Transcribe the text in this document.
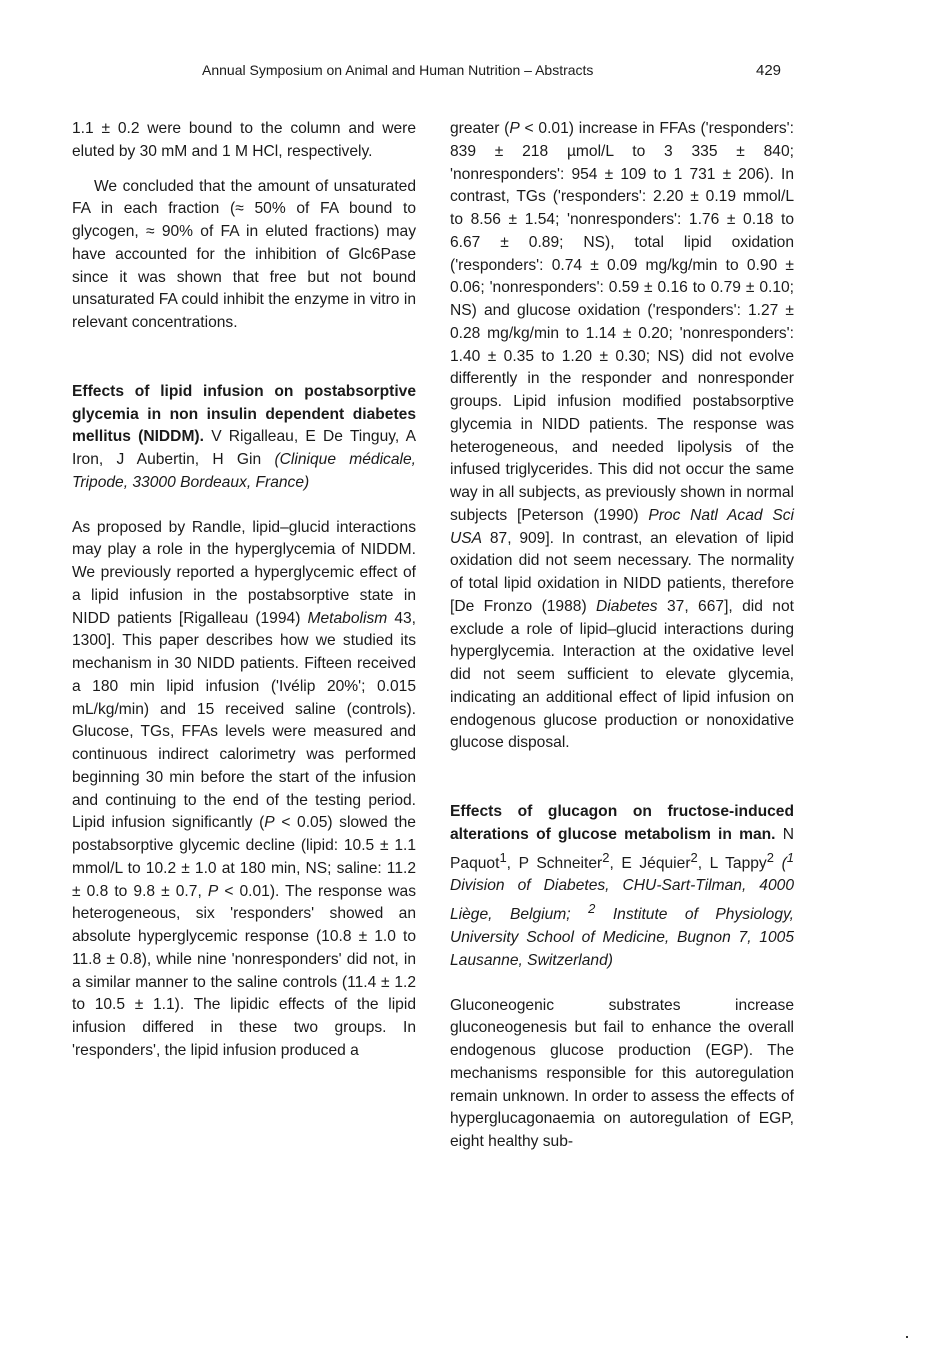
Annual Symposium on Animal and Human Nutrition – Abstracts	429

1.1 ± 0.2 were bound to the column and were eluted by 30 mM and 1 M HCl, respectively.

We concluded that the amount of unsaturated FA in each fraction (≈ 50% of FA bound to glycogen, ≈ 90% of FA in eluted fractions) may have accounted for the inhibition of Glc6Pase since it was shown that free but not bound unsaturated FA could inhibit the enzyme in vitro in relevant concentrations.

Effects of lipid infusion on postabsorptive glycemia in non insulin dependent diabetes mellitus (NIDDM). V Rigalleau, E De Tinguy, A Iron, J Aubertin, H Gin (Clinique médicale, Tripode, 33000 Bordeaux, France)

As proposed by Randle, lipid–glucid interactions may play a role in the hyperglycemia of NIDDM. We previously reported a hyperglycemic effect of a lipid infusion in the postabsorptive state in NIDD patients [Rigalleau (1994) Metabolism 43, 1300]. This paper describes how we studied its mechanism in 30 NIDD patients. Fifteen received a 180 min lipid infusion ('Ivélip 20%'; 0.015 mL/kg/min) and 15 received saline (controls). Glucose, TGs, FFAs levels were measured and continuous indirect calorimetry was performed beginning 30 min before the start of the infusion and continuing to the end of the testing period. Lipid infusion significantly (P < 0.05) slowed the postabsorptive glycemic decline (lipid: 10.5 ± 1.1 mmol/L to 10.2 ± 1.0 at 180 min, NS; saline: 11.2 ± 0.8 to 9.8 ± 0.7, P < 0.01). The response was heterogeneous, six 'responders' showed an absolute hyperglycemic response (10.8 ± 1.0 to 11.8 ± 0.8), while nine 'nonresponders' did not, in a similar manner to the saline controls (11.4 ± 1.2 to 10.5 ± 1.1). The lipidic effects of the lipid infusion differed in these two groups. In 'responders', the lipid infusion produced a

greater (P < 0.01) increase in FFAs ('responders': 839 ± 218 µmol/L to 3 335 ± 840; 'nonresponders': 954 ± 109 to 1 731 ± 206). In contrast, TGs ('responders': 2.20 ± 0.19 mmol/L to 8.56 ± 1.54; 'nonresponders': 1.76 ± 0.18 to 6.67 ± 0.89; NS), total lipid oxidation ('responders': 0.74 ± 0.09 mg/kg/min to 0.90 ± 0.06; 'nonresponders': 0.59 ± 0.16 to 0.79 ± 0.10; NS) and glucose oxidation ('responders': 1.27 ± 0.28 mg/kg/min to 1.14 ± 0.20; 'nonresponders': 1.40 ± 0.35 to 1.20 ± 0.30; NS) did not evolve differently in the responder and nonresponder groups. Lipid infusion modified postabsorptive glycemia in NIDD patients. The response was heterogeneous, and needed lipolysis of the infused triglycerides. This did not occur the same way in all subjects, as previously shown in normal subjects [Peterson (1990) Proc Natl Acad Sci USA 87, 909]. In contrast, an elevation of lipid oxidation did not seem necessary. The normality of total lipid oxidation in NIDD patients, therefore [De Fronzo (1988) Diabetes 37, 667], did not exclude a role of lipid–glucid interactions during hyperglycemia. Interaction at the oxidative level did not seem sufficient to elevate glycemia, indicating an additional effect of lipid infusion on endogenous glucose production or nonoxidative glucose disposal.

Effects of glucagon on fructose-induced alterations of glucose metabolism in man. N Paquot$^1$, P Schneiter$^2$, E Jéquier$^2$, L Tappy$^2$ ($^1$ Division of Diabetes, CHU-Sart-Tilman, 4000 Liège, Belgium; $^2$ Institute of Physiology, University School of Medicine, Bugnon 7, 1005 Lausanne, Switzerland)

Gluconeogenic substrates increase gluconeogenesis but fail to enhance the overall endogenous glucose production (EGP). The mechanisms responsible for this autoregulation remain unknown. In order to assess the effects of hyperglucagonaemia on autoregulation of EGP, eight healthy sub-
